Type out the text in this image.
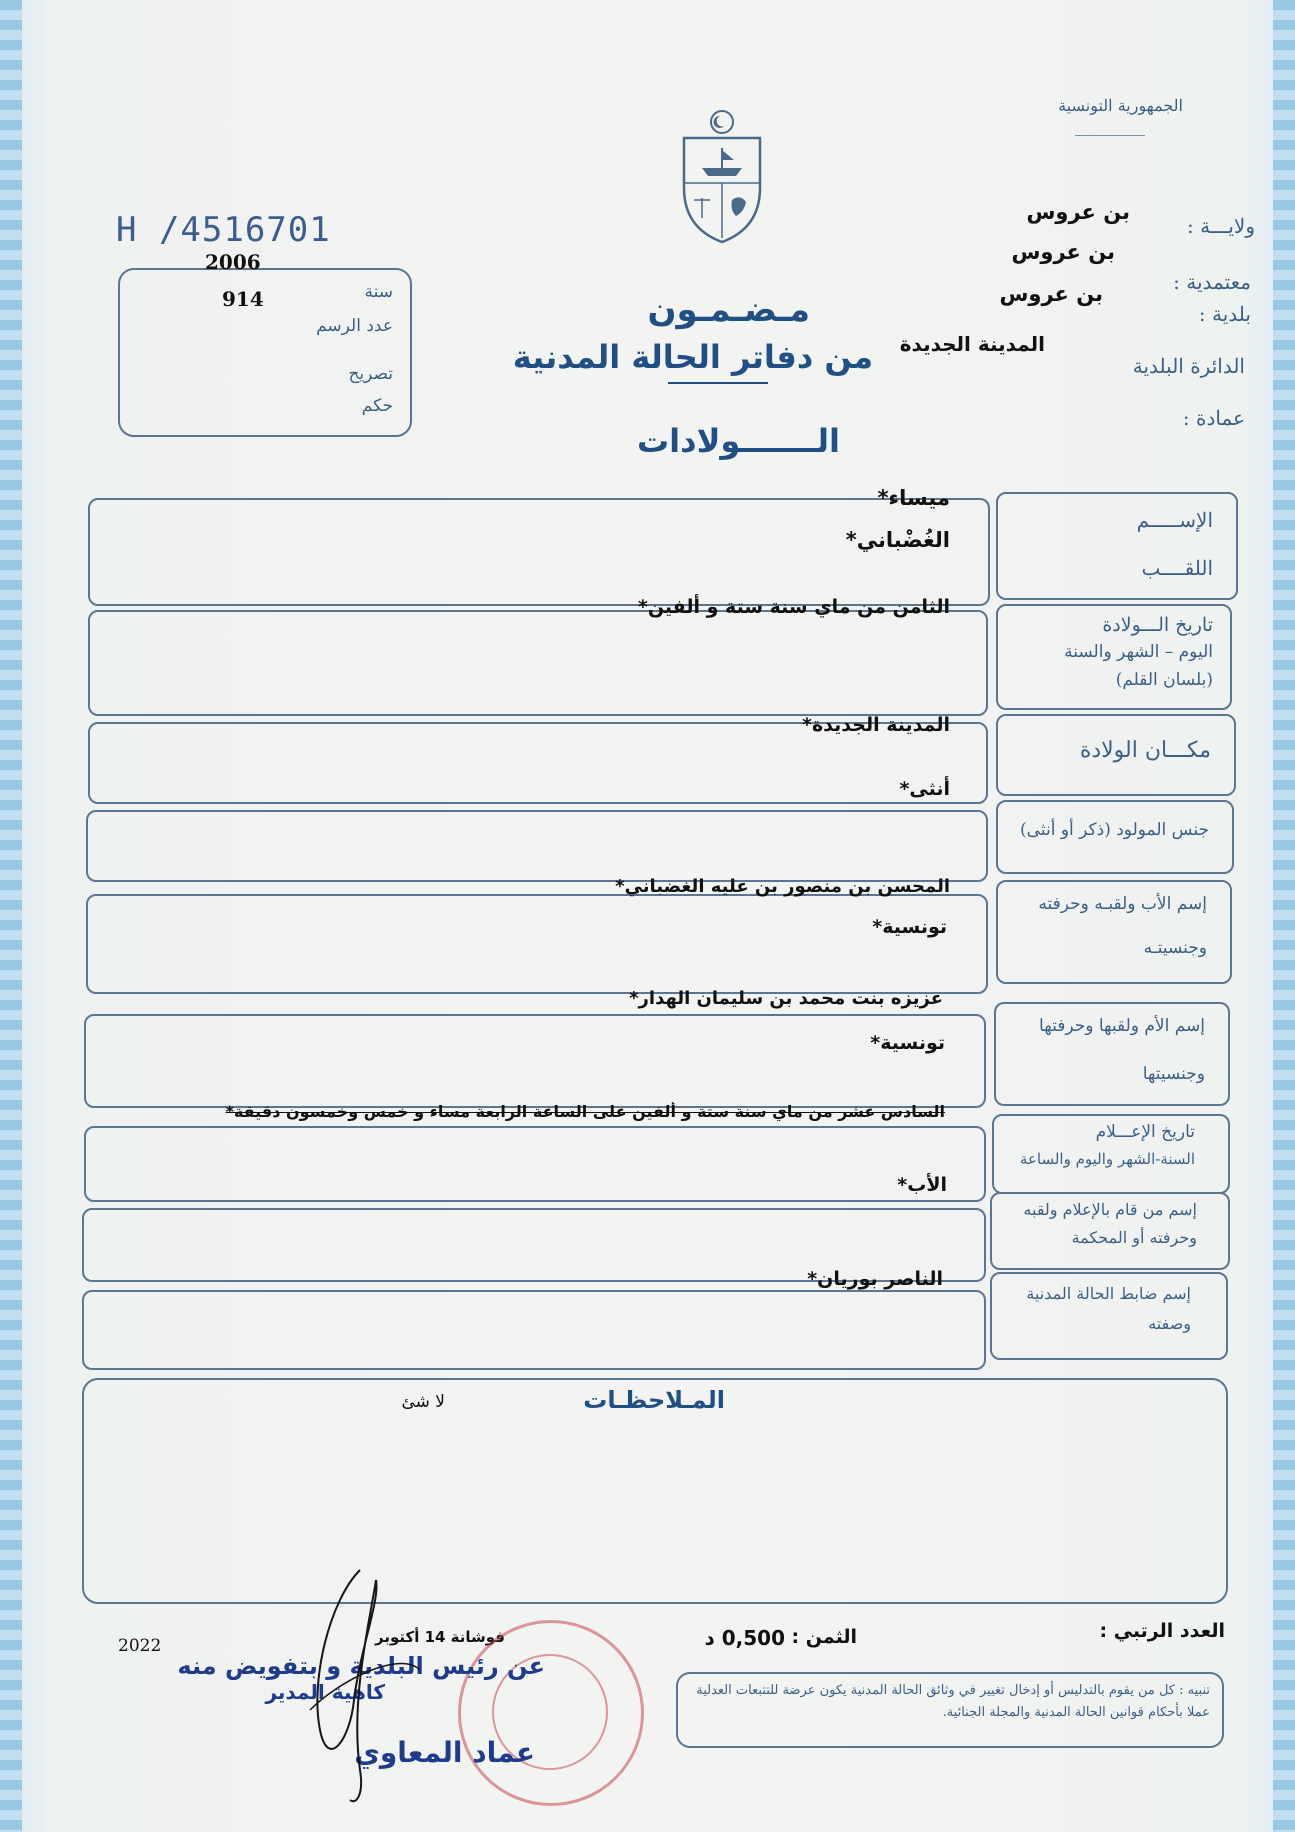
الجمهورية التونسية
H /4516701
2006
سنة
914
عدد الرسم
تصريح
حكم
ولايـــة :
بن عروس
معتمدية :
بن عروس
بلدية :
بن عروس
الدائرة البلدية
المدينة الجديدة
عمادة :
مـضـمـون
من دفاتر الحالة المدنية
الـــــــولادات
الإســـــم
اللقــــب
ميساء*
الغُضْباني*
تاريخ الـــولادة
اليوم – الشهر والسنة
(بلسان القلم)
الثامن من ماي سنة ستة و ألفين*
مكـــان الولادة
المدينة الجديدة*
جنس المولود (ذكر أو أنثى)
أنثى*
إسم الأب ولقبـه وحرفته
وجنسيتـه
المحسن بن منصور بن عليه الغضباني*
تونسية*
إسم الأم ولقبها وحرفتها
وجنسيتها
عزيزه بنت محمد بن سليمان الهدار*
تونسية*
تاريخ الإعـــلام
السنة-الشهر واليوم والساعة
السادس عشر من ماي سنة ستة و ألفين على الساعة الرابعة مساء و خمس وخمسون دقيقة*
إسم من قام بالإعلام ولقبه
وحرفته أو المحكمة
الأب*
إسم ضابط الحالة المدنية
وصفته
الناصر بوريان*
المـلاحظـات
لا شئ
العدد الرتبي :
الثمن :
0,500 د
فوشانة 14 أكتوبر
2022
تنبيه : كل من يقوم بالتدليس أو إدخال تغيير في وثائق الحالة المدنية يكون عرضة للتتبعات العدلية عملا بأحكام قوانين الحالة المدنية والمجلة الجنائية.
عن رئيس البلدية و بتفويض منه
كاهية المدير
عماد المعاوي
